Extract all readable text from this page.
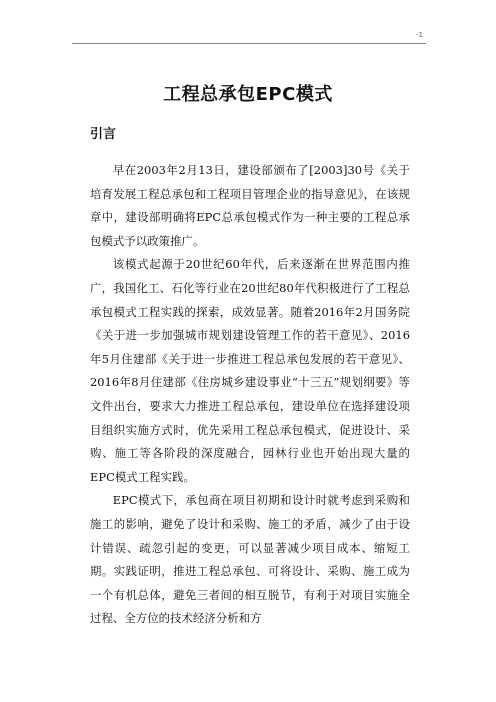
-1
工程总承包EPC模式
引言

早在2003年2月13日，建设部颁布了[2003]30号《关于培育发展工程总承包和工程项目管理企业的指导意见》，在该规章中，建设部明确将EPC总承包模式作为一种主要的工程总承包模式予以政策推广。

该模式起源于20世纪60年代，后来逐渐在世界范围内推广，我国化工、石化等行业在20世纪80年代积极进行了工程总承包模式工程实践的探索，成效显著。随着2016年2月国务院《关于进一步加强城市规划建设管理工作的若干意见》、2016年5月住建部《关于进一步推进工程总承包发展的若干意见》、2016年8月住建部《住房城乡建设事业“十三五”规划纲要》等文件出台，要求大力推进工程总承包，建设单位在选择建设项目组织实施方式时，优先采用工程总承包模式，促进设计、采购、施工等各阶段的深度融合，园林行业也开始出现大量的EPC模式工程实践。

EPC模式下，承包商在项目初期和设计时就考虑到采购和施工的影响，避免了设计和采购、施工的矛盾，减少了由于设计错误、疏忽引起的变更，可以显著减少项目成本、缩短工期。实践证明，推进工程总承包、可将设计、采购、施工成为一个有机总体，避免三者间的相互脱节，有利于对项目实施全过程、全方位的技术经济分析和方
